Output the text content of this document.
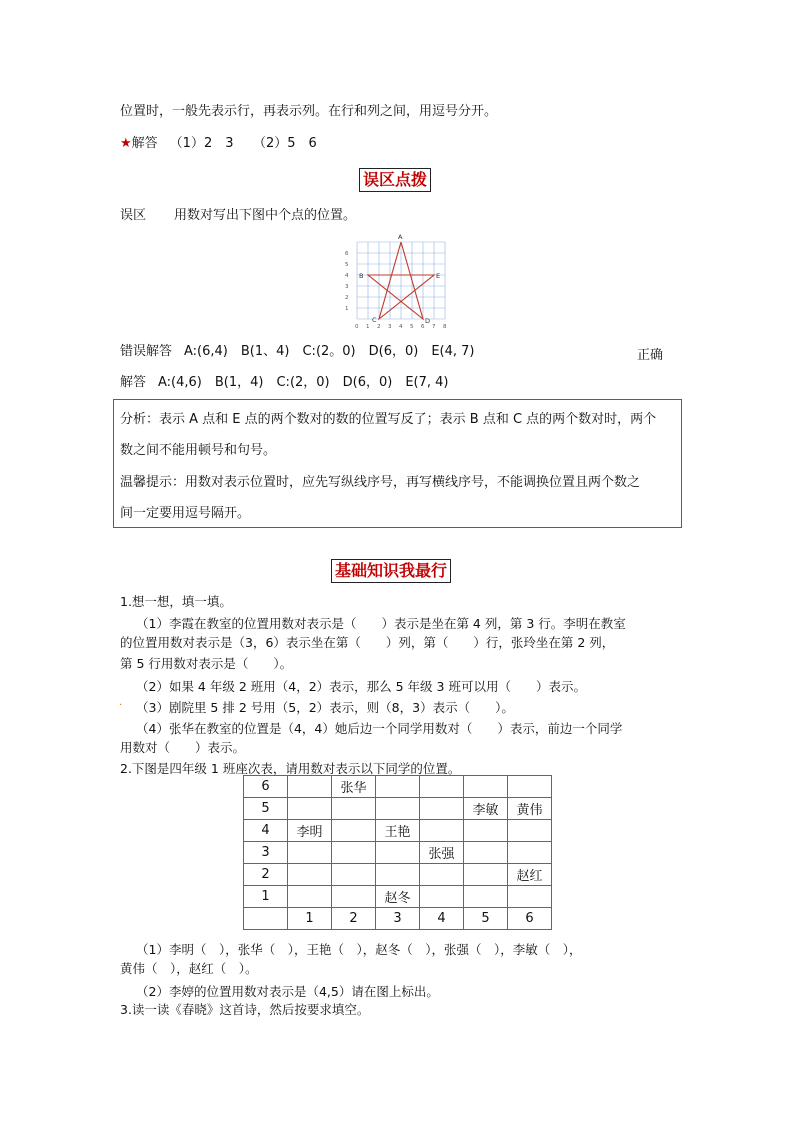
位置时，一般先表示行，再表示列。在行和列之间，用逗号分开。
★解答 （1）2　3　　（2）5　6
误区点拨
误区 用数对写出下图中个点的位置。
A
B
C	D
E
0 1 2 3 4 5 6 7 8
1
2
3
4
5
6
错误解答 A:(6,4)　B(1、4)　C:(2。0)　D(6，0)　E(4, 7)	正确
解答 A:(4,6)　B(1，4)　C:(2，0)　D(6，0)　E(7, 4)
分析：表示 A 点和 E 点的两个数对的数的位置写反了；表示 B 点和 C 点的两个数对时，两个
数之间不能用顿号和句号。
温馨提示：用数对表示位置时，应先写纵线序号，再写横线序号，不能调换位置且两个数之
间一定要用逗号隔开。
基础知识我最行
1.想一想，填一填。
（1）李霞在教室的位置用数对表示是（　　）表示是坐在第 4 列，第 3 行。李明在教室
的位置用数对表示是（3，6）表示坐在第（　　）列，第（　　）行，张玲坐在第 2 列，
第 5 行用数对表示是（　　）。
（2）如果 4 年级 2 班用（4，2）表示，那么 5 年级 3 班可以用（　　）表示。
. （3）剧院里 5 排 2 号用（5，2）表示，则（8，3）表示（　　）。
（4）张华在教室的位置是（4，4）她后边一个同学用数对（　　）表示，前边一个同学
用数对（　　）表示。
2.下图是四年级 1 班座次表，请用数对表示以下同学的位置。
6		张华				
5					李敏	黄伟
4	李明		王艳			
3				张强		
2						赵红
1			赵冬			
	1	2	3	4	5	6
（1）李明（　），张华（　），王艳（　），赵冬（　），张强（　），李敏（　），
黄伟（　），赵红（　）。
（2）李婷的位置用数对表示是（4,5）请在图上标出。
3.读一读《春晓》这首诗，然后按要求填空。
